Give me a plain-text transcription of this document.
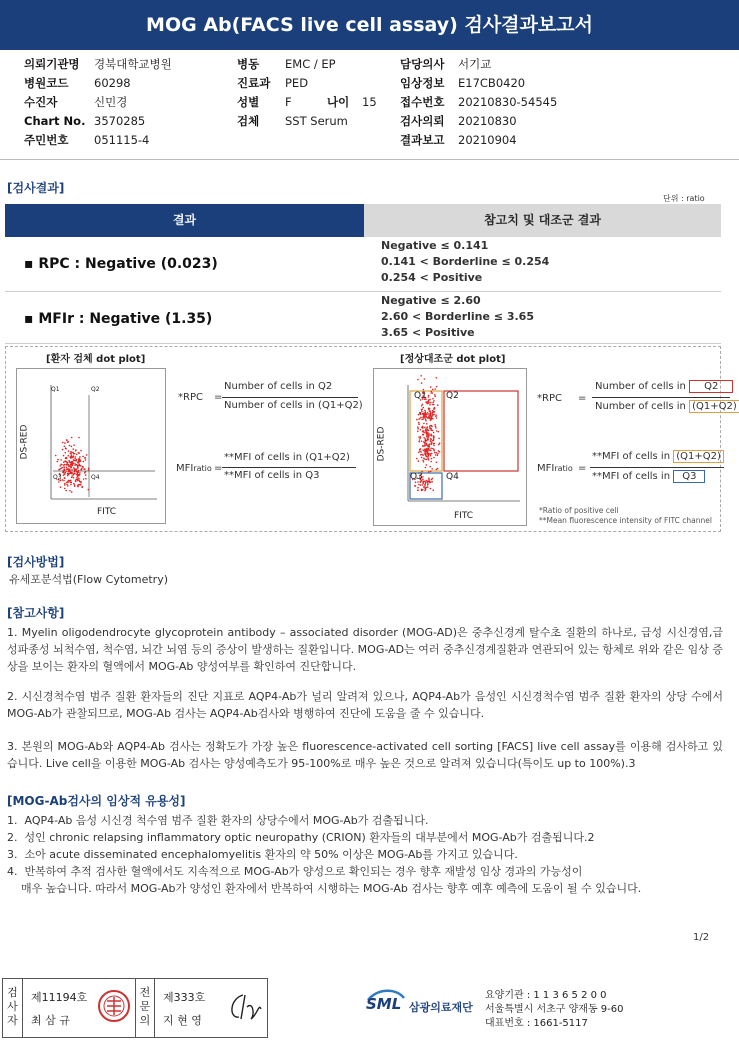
MOG Ab(FACS live cell assay) 검사결과보고서
의뢰기관명	경북대학교병원
병원코드	60298
수진자	신민경
Chart No. 3570285
주민번호	051115-4
병동	EMC / EP
진료과	PED
성별	F	나이	15
검체	SST Serum
담당의사	서기교
임상정보	E17CB0420
접수번호	20210830-54545
검사의뢰	20210830
결과보고	20210904
[검사결과]
단위 : ratio
결과	참고치 및 대조군 결과
▪ RPC : Negative (0.023)
Negative ≤ 0.141
0.141 < Borderline ≤ 0.254
0.254 < Positive
▪ MFIr : Negative (1.35)
Negative ≤ 2.60
2.60 < Borderline ≤ 3.65
3.65 < Positive
[환자 검체 dot plot]	[정상대조군 dot plot]
Q1	Q2
Q3	Q4
DS-RED
FITC
*RPC =
Number of cells in Q2
Number of cells in (Q1+Q2)
MFIratio =
**MFI of cells in (Q1+Q2)
**MFI of cells in Q3
Q1 Q2
Q3	Q4
DS-RED
FITC
*RPC =
Number of cells in Q2
Number of cells in (Q1+Q2)
MFIratio =
**MFI of cells in (Q1+Q2)
**MFI of cells in Q3
*Ratio of positive cell
**Mean fluorescence intensity of FITC channel
[검사방법]
유세포분석법(Flow Cytometry)
[참고사항]
1. Myelin oligodendrocyte glycoprotein antibody – associated disorder (MOG-AD)은 중추신경계 탈수초 질환의 하나로, 급성 시신경염,급성파종성 뇌척수염, 척수염, 뇌간 뇌염 등의 증상이 발생하는 질환입니다. MOG-AD는 여러 중추신경계질환과 연관되어 있는 항체로 위와 같은 임상 증상을 보이는 환자의 혈액에서 MOG-Ab 양성여부를 확인하여 진단합니다.
2. 시신경척수염 범주 질환 환자들의 진단 지표로 AQP4-Ab가 널리 알려져 있으나, AQP4-Ab가 음성인 시신경척수염 범주 질환 환자의 상당 수에서 MOG-Ab가 관찰되므로, MOG-Ab 검사는 AQP4-Ab검사와 병행하여 진단에 도움을 줄 수 있습니다.
3. 본원의 MOG-Ab와 AQP4-Ab 검사는 정확도가 가장 높은 fluorescence-activated cell sorting [FACS] live cell assay를 이용해 검사하고 있습니다. Live cell을 이용한 MOG-Ab 검사는 양성예측도가 95-100%로 매우 높은 것으로 알려져 있습니다(특이도 up to 100%).3
[MOG-Ab검사의 임상적 유용성]
1.  AQP4-Ab 음성 시신경 척수염 범주 질환 환자의 상당수에서 MOG-Ab가 검출됩니다.
2.  성인 chronic relapsing inflammatory optic neuropathy (CRION) 환자들의 대부분에서 MOG-Ab가 검출됩니다.2
3.  소아 acute disseminated encephalomyelitis 환자의 약 50% 이상은 MOG-Ab를 가지고 있습니다.
4.  반복하여 추적 검사한 혈액에서도 지속적으로 MOG-Ab가 양성으로 확인되는 경우 향후 재발성 임상 경과의 가능성이
매우 높습니다. 따라서 MOG-Ab가 양성인 환자에서 반복하여 시행하는 MOG-Ab 검사는 향후 예후 예측에 도움이 될 수 있습니다.
1/2
검
사
자
제11194호
최 삼 규
전
문
의
제333호
지 현 영
SML 삼광의료재단
요양기관 : 1 1 3 6 5 2 0 0
서울특별시 서초구 양재동 9-60
대표번호 : 1661-5117
